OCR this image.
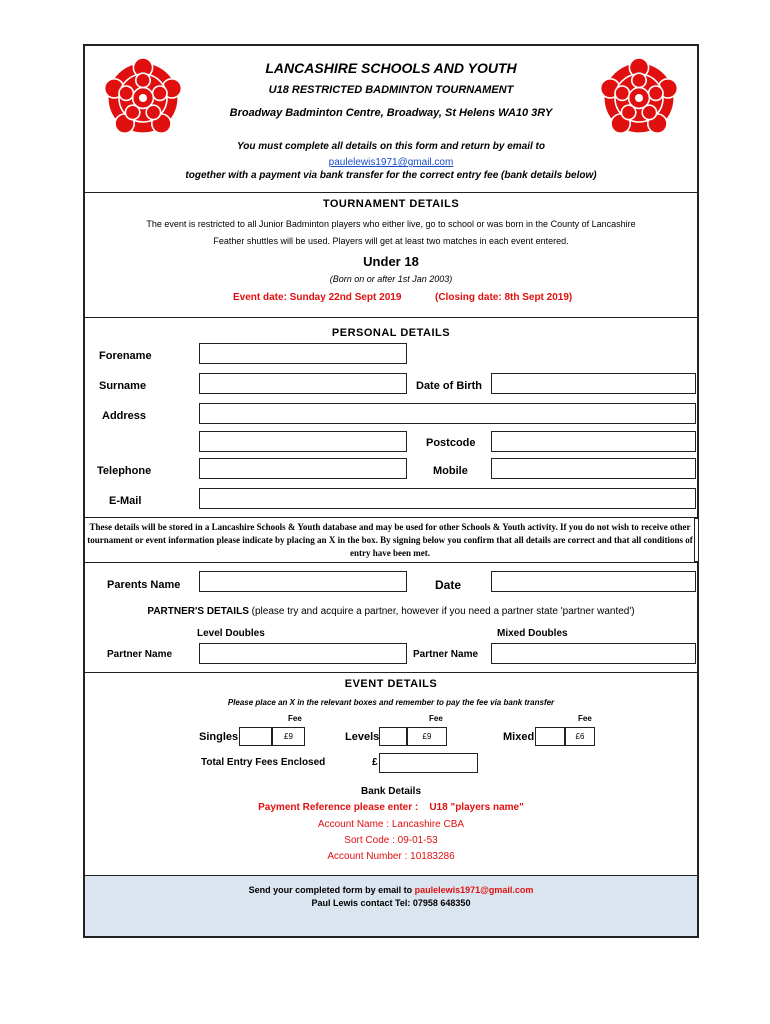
LANCASHIRE SCHOOLS AND YOUTH
U18 RESTRICTED BADMINTON TOURNAMENT
Broadway Badminton Centre, Broadway, St Helens WA10 3RY
You must complete all details on this form and return by email to
paulelewis1971@gmail.com
together with a payment via bank transfer for the correct entry fee (bank details below)
TOURNAMENT DETAILS
The event is restricted to all Junior Badminton players who either live, go to school or was born in the County of Lancashire
Feather shuttles will be used. Players will get at least two matches in each event entered.
Under 18
(Born on or after 1st Jan 2003)
Event date: Sunday 22nd Sept 2019	(Closing date: 8th Sept 2019)
PERSONAL DETAILS
Forename
Surname	Date of Birth
Address
Postcode
Telephone	Mobile
E-Mail
These details will be stored in a Lancashire Schools & Youth database and may be used for other Schools & Youth activity. If you do not wish to receive other tournament or event information please indicate by placing an X in the box. By signing below you confirm that all details are correct and that all conditions of entry have been met.
Parents Name	Date
PARTNER'S DETAILS (please try and acquire a partner, however if you need a partner state 'partner wanted')
Level Doubles	Mixed Doubles
Partner Name	Partner Name
EVENT DETAILS
Please place an X in the relevant boxes and remember to pay the fee via bank transfer
Fee	Fee	Fee
Singles	£9	Levels	£9	Mixed	£6
Total Entry Fees Enclosed	£
Bank Details
Payment Reference please enter :    U18 "players name"
Account Name : Lancashire CBA
Sort Code : 09-01-53
Account Number : 10183286
Send your completed form by email to paulelewis1971@gmail.com
Paul Lewis contact Tel: 07958 648350
